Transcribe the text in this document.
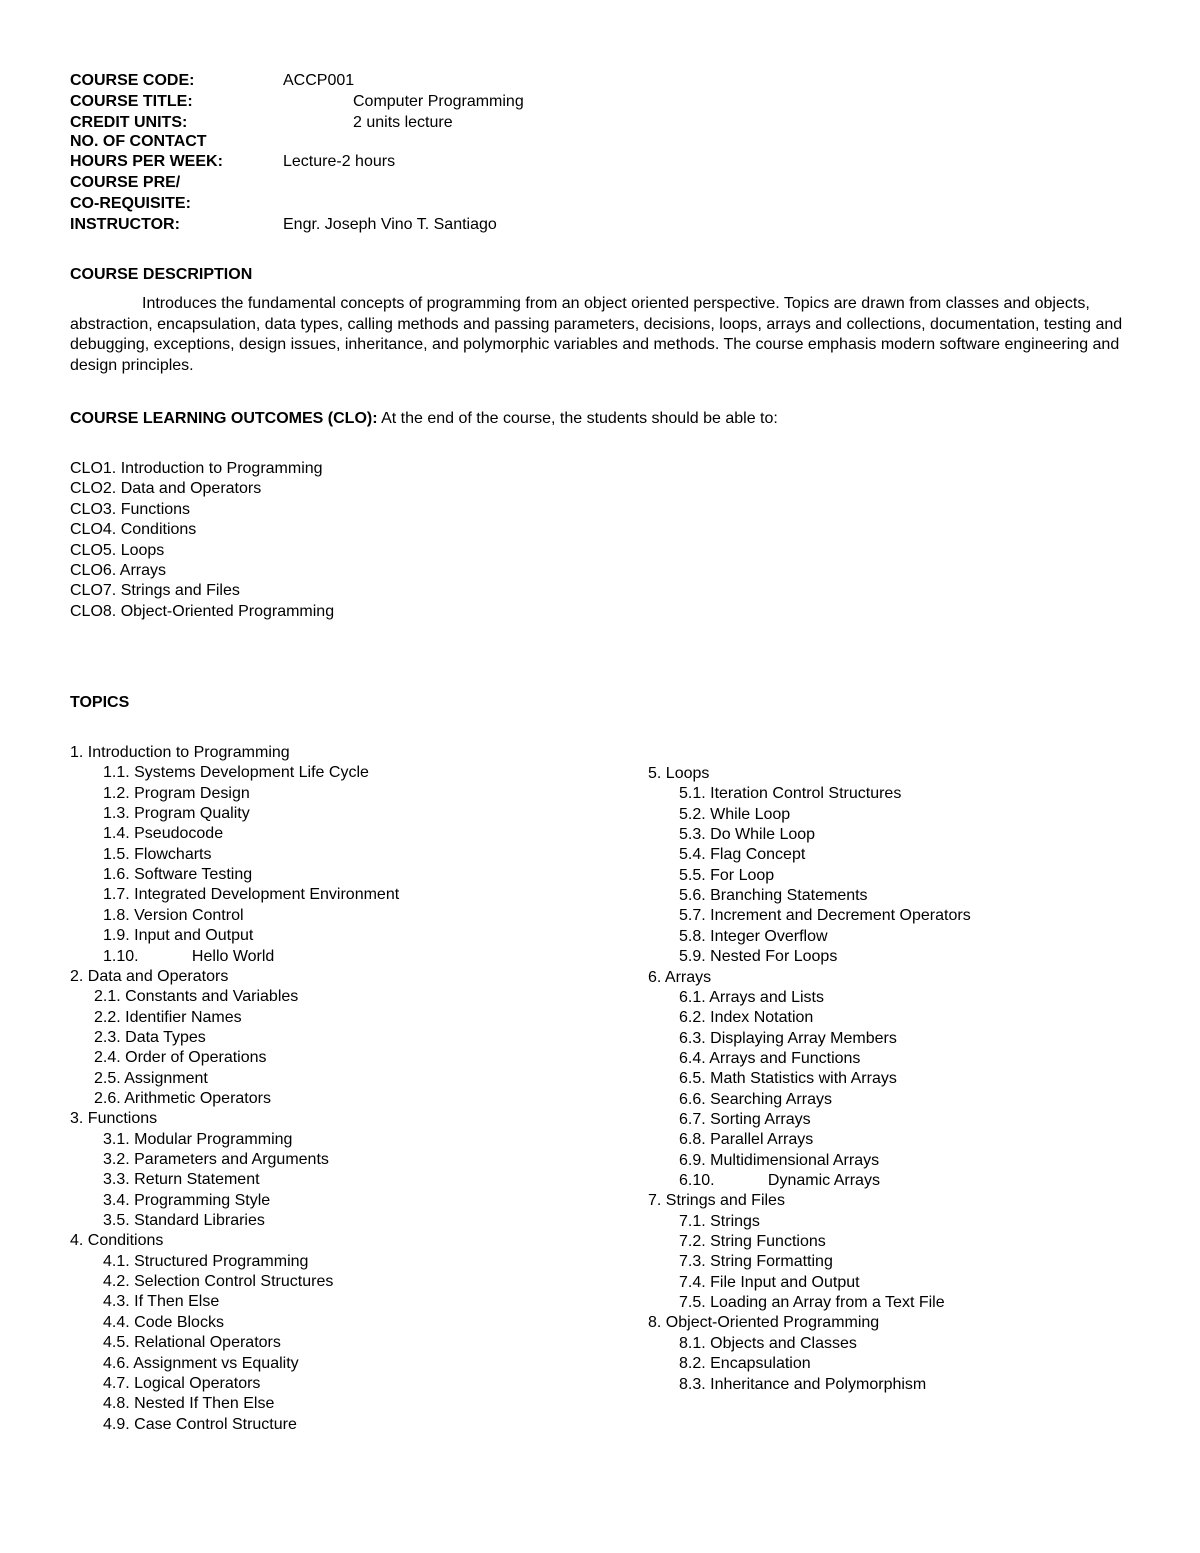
COURSE CODE:	ACCP001
COURSE TITLE:	Computer Programming
CREDIT UNITS:	2 units lecture
NO. OF CONTACT
HOURS PER WEEK:	Lecture-2 hours
COURSE PRE/
CO-REQUISITE:
INSTRUCTOR:	Engr. Joseph Vino T. Santiago
COURSE DESCRIPTION
Introduces the fundamental concepts of programming from an object oriented perspective. Topics are drawn from classes and objects, abstraction, encapsulation, data types, calling methods and passing parameters, decisions, loops, arrays and collections, documentation, testing and debugging, exceptions, design issues, inheritance, and polymorphic variables and methods. The course emphasis modern software engineering and design principles.
COURSE LEARNING OUTCOMES (CLO): At the end of the course, the students should be able to:
CLO1. Introduction to Programming
CLO2. Data and Operators
CLO3. Functions
CLO4. Conditions
CLO5. Loops
CLO6. Arrays
CLO7. Strings and Files
CLO8. Object-Oriented Programming
TOPICS
1. Introduction to Programming
1.1. Systems Development Life Cycle
1.2. Program Design
1.3. Program Quality
1.4. Pseudocode
1.5. Flowcharts
1.6. Software Testing
1.7. Integrated Development Environment
1.8. Version Control
1.9. Input and Output
1.10.            Hello World
2. Data and Operators
2.1. Constants and Variables
2.2. Identifier Names
2.3. Data Types
2.4. Order of Operations
2.5. Assignment
2.6. Arithmetic Operators
3. Functions
3.1. Modular Programming
3.2. Parameters and Arguments
3.3. Return Statement
3.4. Programming Style
3.5. Standard Libraries
4. Conditions
4.1. Structured Programming
4.2. Selection Control Structures
4.3. If Then Else
4.4. Code Blocks
4.5. Relational Operators
4.6. Assignment vs Equality
4.7. Logical Operators
4.8. Nested If Then Else
4.9. Case Control Structure
5. Loops
5.1. Iteration Control Structures
5.2. While Loop
5.3. Do While Loop
5.4. Flag Concept
5.5. For Loop
5.6. Branching Statements
5.7. Increment and Decrement Operators
5.8. Integer Overflow
5.9. Nested For Loops
6. Arrays
6.1. Arrays and Lists
6.2. Index Notation
6.3. Displaying Array Members
6.4. Arrays and Functions
6.5. Math Statistics with Arrays
6.6. Searching Arrays
6.7. Sorting Arrays
6.8. Parallel Arrays
6.9. Multidimensional Arrays
6.10.            Dynamic Arrays
7. Strings and Files
7.1. Strings
7.2. String Functions
7.3. String Formatting
7.4. File Input and Output
7.5. Loading an Array from a Text File
8. Object-Oriented Programming
8.1. Objects and Classes
8.2. Encapsulation
8.3. Inheritance and Polymorphism
